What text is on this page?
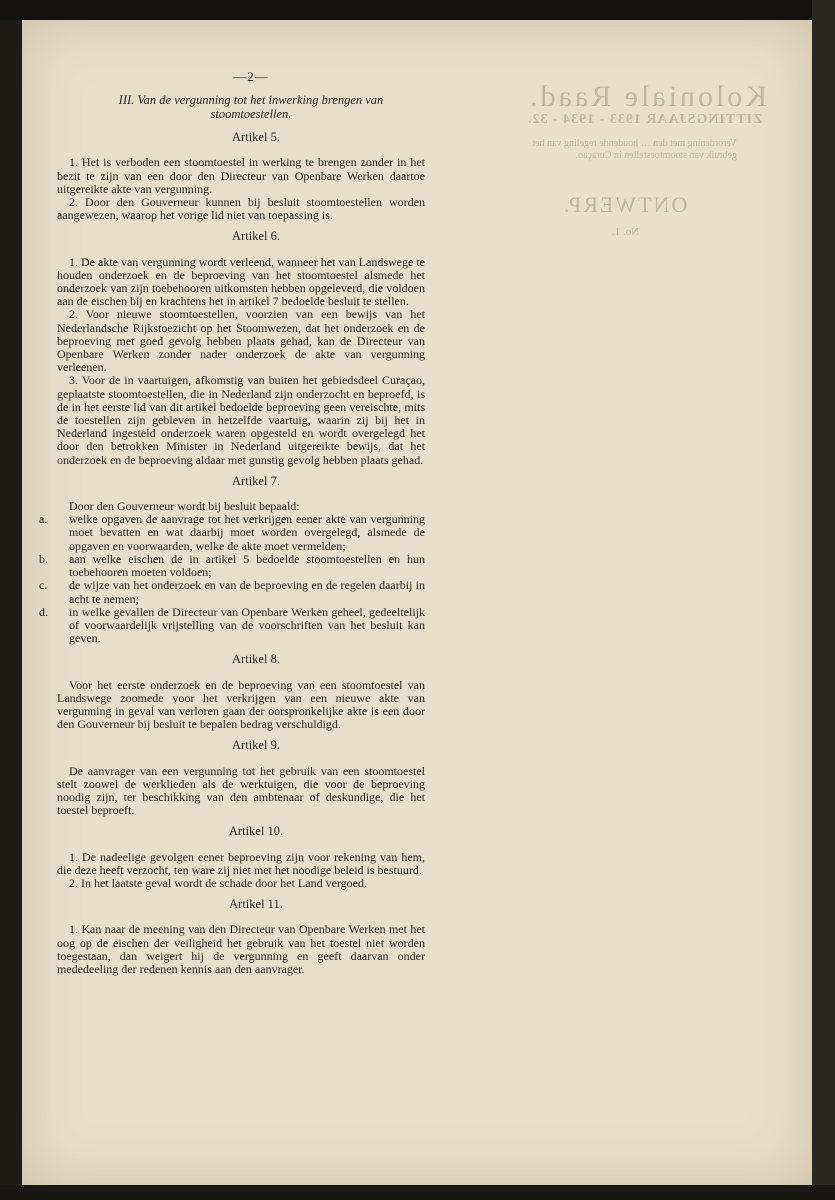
Koloniale Raad.
ZITTINGSJAAR 1933 - 1934 - 32.
Verordening met den … houdende regeling van het gebruik van stoomtoestellen in Curaçao.
ONTWERP.
No. 1.
—2—
III. Van de vergunning tot het inwerking brengen van stoomtoestellen.
Artikel 5.

1. Het is verboden een stoomtoestel in werking te brengen zonder in het bezit te zijn van een door den Directeur van Openbare Werken daartoe uitgereikte akte van vergunning.

2. Door den Gouverneur kunnen bij besluit stoomtoestellen worden aangewezen, waarop het vorige lid niet van toepassing is.

Artikel 6.

1. De akte van vergunning wordt verleend, wanneer het van Landswege te houden onderzoek en de beproeving van het stoomtoestel alsmede het onderzoek van zijn toebehooren uitkomsten hebben opgeleverd, die voldoen aan de eischen bij en krachtens het in artikel 7 bedoelde besluit te stellen.

2. Voor nieuwe stoomtoestellen, voorzien van een bewijs van het Nederlandsche Rijkstoezicht op het Stoomwezen, dat het onderzoek en de beproeving met goed gevolg hebben plaats gehad, kan de Directeur van Openbare Werken zonder nader onderzoek de akte van vergunning verleenen.

3. Voor de in vaartuigen, afkomstig van buiten het gebiedsdeel Curaçao, geplaatste stoomtoestellen, die in Nederland zijn onderzocht en beproefd, is de in het eerste lid van dit artikel bedoelde beproeving geen vereischte, mits de toestellen zijn gebleven in hetzelfde vaartuig, waarin zij bij het in Nederland ingesteld onderzoek waren opgesteld en wordt overgelegd het door den betrokken Minister in Nederland uitgereikte bewijs, dat het onderzoek en de beproeving aldaar met gunstig gevolg hebben plaats gehad.

Artikel 7.

Door den Gouverneur wordt bij besluit bepaald:

a.	welke opgaven de aanvrage tot het verkrijgen eener akte van vergunning moet bevatten en wat daarbij moet worden overgelegd, alsmede de opgaven en voorwaarden, welke de akte moet vermelden;
b.	aan welke eischen de in artikel 5 bedoelde stoomtoestellen en hun toebehooren moeten voldoen;
c.	de wijze van het onderzoek en van de beproeving en de regelen daarbij in acht te nemen;
d.	in welke gevallen de Directeur van Openbare Werken geheel, gedeeltelijk of voorwaardelijk vrijstelling van de voorschriften van het besluit kan geven.
Artikel 8.

Voor het eerste onderzoek en de beproeving van een stoomtoestel van Landswege zoomede voor het verkrijgen van een nieuwe akte van vergunning in geval van verloren gaan der oorspronkelijke akte is een door den Gouverneur bij besluit te bepalen bedrag verschuldigd.

Artikel 9.

De aanvrager van een vergunning tot het gebruik van een stoomtoestel stelt zoowel de werklieden als de werktuigen, die voor de beproeving noodig zijn, ter beschikking van den ambtenaar of deskundige, die het toestel beproeft.

Artikel 10.

1. De nadeelige gevolgen eener beproeving zijn voor rekening van hem, die deze heeft verzocht, ten ware zij niet met het noodige beleid is bestuurd.

2. In het laatste geval wordt de schade door het Land vergoed.

Artikel 11.

1. Kan naar de meening van den Directeur van Openbare Werken met het oog op de eischen der veiligheid het gebruik van het toestel niet worden toegestaan, dan weigert hij de vergunning en geeft daarvan onder mededeeling der redenen kennis aan den aanvrager.
